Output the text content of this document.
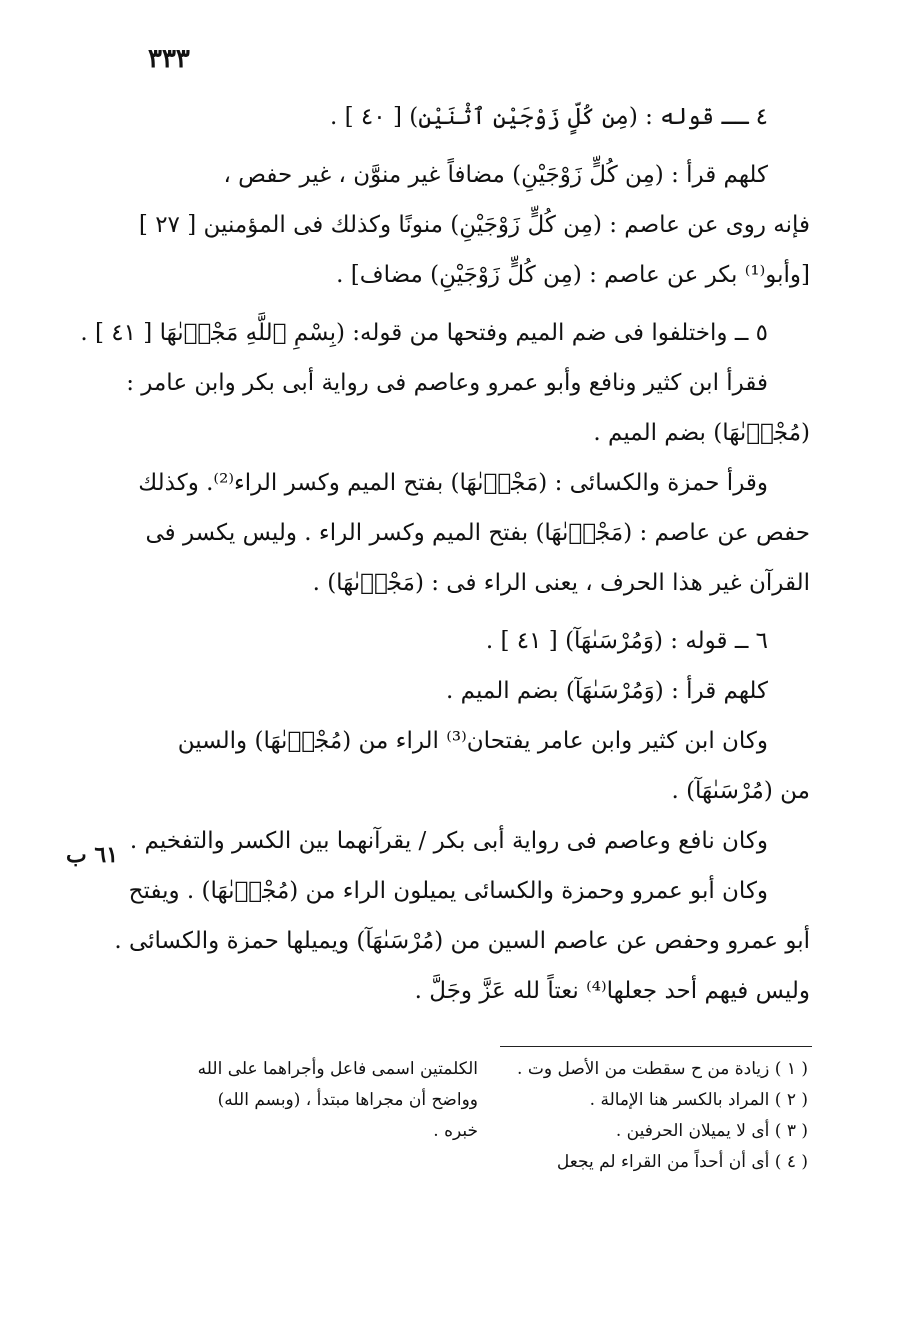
٣٣٣
٤ ــ قوله : (مِن كُلٍّ زَوْجَيْنِ ٱثْنَيْنِ) [ ٤٠ ] .
كلهم قرأ : (مِن كُلٍّ زَوْجَيْنِ) مضافاً غير منوَّن ، غير حفص ،
فإنه روى عن عاصم : (مِن كُلٍّ زَوْجَيْنِ) منونًا وكذلك فى المؤمنين [ ٢٧ ]
[وأبو⁽¹⁾ بكر عن عاصم : (مِن كُلٍّ زَوْجَيْنِ) مضاف] .
٥ ــ واختلفوا فى ضم الميم وفتحها من قوله: (بِسْمِ ٱللَّهِ مَجْرٖىٰهَا [ ٤١ ] .
فقرأ ابن كثير ونافع وأبو عمرو وعاصم فى رواية أبى بكر وابن عامر :
(مُجْرٖىٰهَا) بضم الميم .
وقرأ حمزة والكسائى : (مَجْرٖىٰهَا) بفتح الميم وكسر الراء⁽²⁾. وكذلك
حفص عن عاصم : (مَجْرٖىٰهَا) بفتح الميم وكسر الراء . وليس يكسر فى
القرآن غير هذا الحرف ، يعنى الراء فى : (مَجْرٖىٰهَا) .
٦ ــ قوله : (وَمُرْسَىٰهَآ) [ ٤١ ] .
كلهم قرأ : (وَمُرْسَىٰهَآ) بضم الميم .
وكان ابن كثير وابن عامر يفتحان⁽³⁾ الراء من (مُجْرٖىٰهَا) والسين
من (مُرْسَىٰهَآ) .
وكان نافع وعاصم فى رواية أبى بكر / يقرآنهما بين الكسر والتفخيم .
وكان أبو عمرو وحمزة والكسائى يميلون الراء من (مُجْرٖىٰهَا) . ويفتح
أبو عمرو وحفص عن عاصم السين من (مُرْسَىٰهَآ) ويميلها حمزة والكسائى .
وليس فيهم أحد جعلها⁽⁴⁾ نعتاً لله عَزَّ وجَلَّ .
٦١ ب
( ١ ) زيادة من ح سقطت من الأصل وت .
( ٢ ) المراد بالكسر هنا الإمالة .
( ٣ ) أى لا يميلان الحرفين .
( ٤ ) أى أن أحداً من القراء لم يجعل
الكلمتين اسمى فاعل وأجراهما على الله
وواضح أن مجراها مبتدأ ، (وبسم الله)
خبره .
